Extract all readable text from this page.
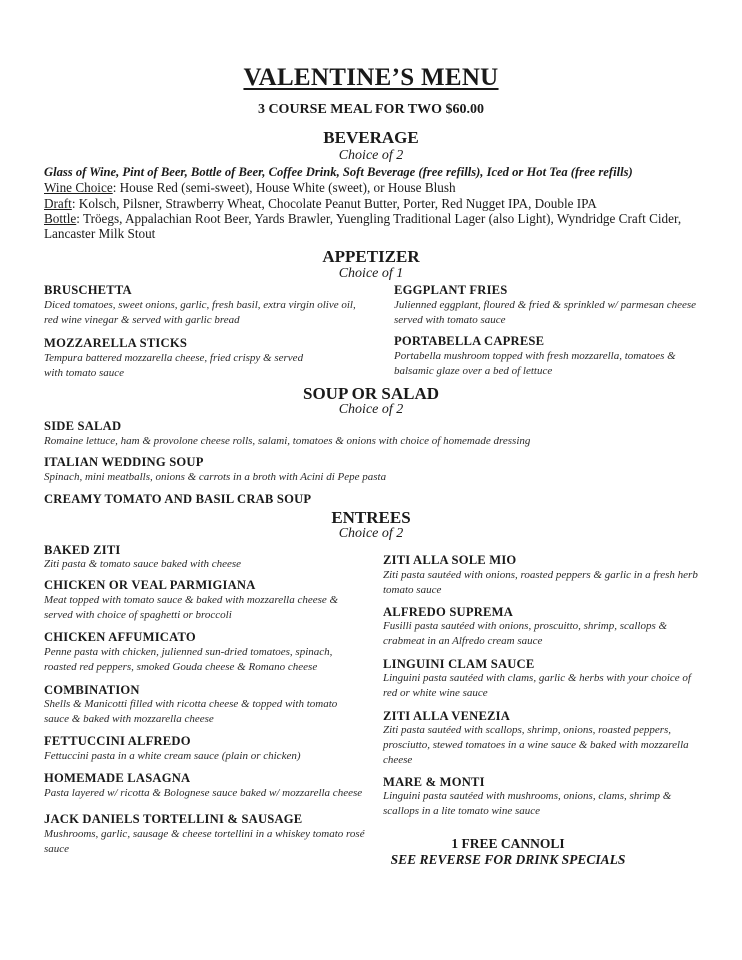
VALENTINE’S MENU
3 COURSE MEAL FOR TWO $60.00
BEVERAGE
Choice of 2
Glass of Wine, Pint of Beer, Bottle of Beer, Coffee Drink, Soft Beverage (free refills), Iced or Hot Tea (free refills)
Wine Choice: House Red (semi-sweet), House White (sweet), or House Blush
Draft: Kolsch, Pilsner, Strawberry Wheat, Chocolate Peanut Butter, Porter, Red Nugget IPA, Double IPA
Bottle: Tröegs, Appalachian Root Beer, Yards Brawler, Yuengling Traditional Lager (also Light), Wyndridge Craft Cider,
Lancaster Milk Stout
APPETIZER
Choice of 1
BRUSCHETTA
Diced tomatoes, sweet onions, garlic, fresh basil, extra virgin olive oil, red wine vinegar & served with garlic bread
EGGPLANT FRIES
Julienned eggplant, floured & fried & sprinkled w/ parmesan cheese served with tomato sauce
MOZZARELLA STICKS
Tempura battered mozzarella cheese, fried crispy & served with tomato sauce
PORTABELLA CAPRESE
Portabella mushroom topped with fresh mozzarella, tomatoes & balsamic glaze over a bed of lettuce
SOUP OR SALAD
Choice of 2
SIDE SALAD
Romaine lettuce, ham & provolone cheese rolls, salami, tomatoes & onions with choice of homemade dressing
ITALIAN WEDDING SOUP
Spinach, mini meatballs, onions & carrots in a broth with Acini di Pepe pasta
CREAMY TOMATO AND BASIL CRAB SOUP
ENTREES
Choice of 2
BAKED ZITI
Ziti pasta & tomato sauce baked with cheese
CHICKEN OR VEAL PARMIGIANA
Meat topped with tomato sauce & baked with mozzarella cheese & served with choice of spaghetti or broccoli
CHICKEN AFFUMICATO
Penne pasta with chicken, julienned sun-dried tomatoes, spinach, roasted red peppers, smoked Gouda cheese & Romano cheese
COMBINATION
Shells & Manicotti filled with ricotta cheese & topped with tomato sauce & baked with mozzarella cheese
FETTUCCINI ALFREDO
Fettuccini pasta in a white cream sauce (plain or chicken)
HOMEMADE LASAGNA
Pasta layered w/ ricotta & Bolognese sauce baked w/ mozzarella cheese
JACK DANIELS TORTELLINI & SAUSAGE
Mushrooms, garlic, sausage & cheese tortellini in a whiskey tomato rosé sauce
ZITI ALLA SOLE MIO
Ziti pasta sautéed with onions, roasted peppers & garlic in a fresh herb tomato sauce
ALFREDO SUPREMA
Fusilli pasta sautéed with onions, proscuitto, shrimp, scallops & crabmeat in an Alfredo cream sauce
LINGUINI CLAM SAUCE
Linguini pasta sautéed with clams, garlic & herbs with your choice of red or white wine sauce
ZITI ALLA VENEZIA
Ziti pasta sautéed with scallops, shrimp, onions, roasted peppers, prosciutto, stewed tomatoes in a wine sauce & baked with mozzarella cheese
MARE & MONTI
Linguini pasta sautéed with mushrooms, onions, clams, shrimp & scallops in a lite tomato wine sauce
1 FREE CANNOLI
SEE REVERSE FOR DRINK SPECIALS
